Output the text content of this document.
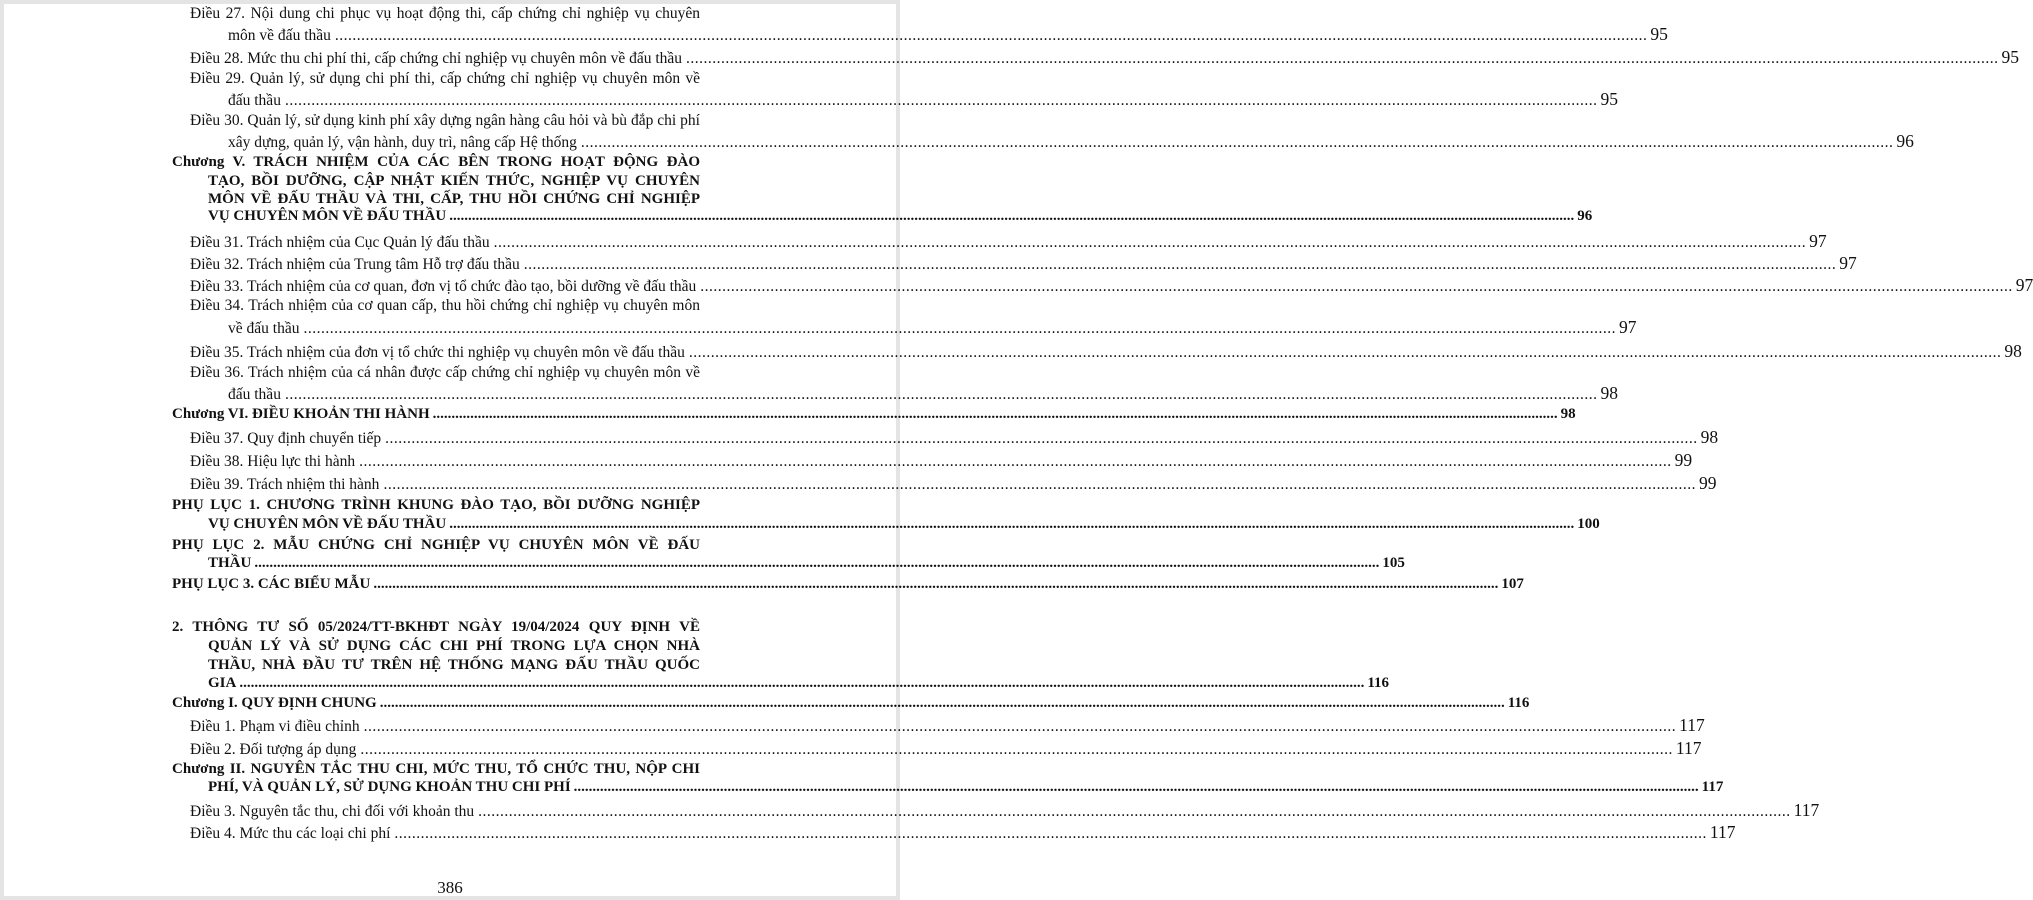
Điều 27. Nội dung chi phục vụ hoạt động thi, cấp chứng chỉ nghiệp vụ chuyên
môn về đấu thầu ............................................................................................................................................................................................................................................................................................................ 95
Điều 28. Mức thu chi phí thi, cấp chứng chỉ nghiệp vụ chuyên môn về đấu thầu ............................................................................................................................................................................................................................................................................................................ 95
Điều 29. Quản lý, sử dụng chi phí thi, cấp chứng chỉ nghiệp vụ chuyên môn về
đấu thầu ............................................................................................................................................................................................................................................................................................................ 95
Điều 30. Quản lý, sử dụng kinh phí xây dựng ngân hàng câu hỏi và bù đắp chi phí
xây dựng, quản lý, vận hành, duy trì, nâng cấp Hệ thống ............................................................................................................................................................................................................................................................................................................ 96
Chương V. TRÁCH NHIỆM CỦA CÁC BÊN TRONG HOẠT ĐỘNG ĐÀO
TẠO, BỒI DƯỠNG, CẬP NHẬT KIẾN THỨC, NGHIỆP VỤ CHUYÊN
MÔN VỀ ĐẤU THẦU VÀ THI, CẤP, THU HỒI CHỨNG CHỈ NGHIỆP
VỤ CHUYÊN MÔN VỀ ĐẤU THẦU ............................................................................................................................................................................................................................................................................................................ 96
Điều 31. Trách nhiệm của Cục Quản lý đấu thầu ............................................................................................................................................................................................................................................................................................................ 97
Điều 32. Trách nhiệm của Trung tâm Hỗ trợ đấu thầu ............................................................................................................................................................................................................................................................................................................ 97
Điều 33. Trách nhiệm của cơ quan, đơn vị tổ chức đào tạo, bồi dưỡng về đấu thầu ............................................................................................................................................................................................................................................................................................................ 97
Điều 34. Trách nhiệm của cơ quan cấp, thu hồi chứng chỉ nghiệp vụ chuyên môn
về đấu thầu ............................................................................................................................................................................................................................................................................................................ 97
Điều 35. Trách nhiệm của đơn vị tổ chức thi nghiệp vụ chuyên môn về đấu thầu ............................................................................................................................................................................................................................................................................................................ 98
Điều 36. Trách nhiệm của cá nhân được cấp chứng chỉ nghiệp vụ chuyên môn về
đấu thầu ............................................................................................................................................................................................................................................................................................................ 98
Chương VI. ĐIỀU KHOẢN THI HÀNH ............................................................................................................................................................................................................................................................................................................ 98
Điều 37. Quy định chuyển tiếp ............................................................................................................................................................................................................................................................................................................ 98
Điều 38. Hiệu lực thi hành ............................................................................................................................................................................................................................................................................................................ 99
Điều 39. Trách nhiệm thi hành ............................................................................................................................................................................................................................................................................................................ 99
PHỤ LỤC 1. CHƯƠNG TRÌNH KHUNG ĐÀO TẠO, BỒI DƯỠNG NGHIỆP
VỤ CHUYÊN MÔN VỀ ĐẤU THẦU ............................................................................................................................................................................................................................................................................................................ 100
PHỤ LỤC 2. MẪU CHỨNG CHỈ NGHIỆP VỤ CHUYÊN MÔN VỀ ĐẤU
THẦU ............................................................................................................................................................................................................................................................................................................ 105
PHỤ LỤC 3. CÁC BIỂU MẪU ............................................................................................................................................................................................................................................................................................................ 107
2. THÔNG TƯ SỐ 05/2024/TT-BKHĐT NGÀY 19/04/2024 QUY ĐỊNH VỀ
QUẢN LÝ VÀ SỬ DỤNG CÁC CHI PHÍ TRONG LỰA CHỌN NHÀ
THẦU, NHÀ ĐẦU TƯ TRÊN HỆ THỐNG MẠNG ĐẤU THẦU QUỐC
GIA ............................................................................................................................................................................................................................................................................................................ 116
Chương I. QUY ĐỊNH CHUNG ............................................................................................................................................................................................................................................................................................................ 116
Điều 1. Phạm vi điều chỉnh ............................................................................................................................................................................................................................................................................................................ 117
Điều 2. Đối tượng áp dụng ............................................................................................................................................................................................................................................................................................................ 117
Chương II. NGUYÊN TẮC THU CHI, MỨC THU, TỔ CHỨC THU, NỘP CHI
PHÍ, VÀ QUẢN LÝ, SỬ DỤNG KHOẢN THU CHI PHÍ ............................................................................................................................................................................................................................................................................................................ 117
Điều 3. Nguyên tắc thu, chi đối với khoản thu ............................................................................................................................................................................................................................................................................................................ 117
Điều 4. Mức thu các loại chi phí ............................................................................................................................................................................................................................................................................................................ 117
386
